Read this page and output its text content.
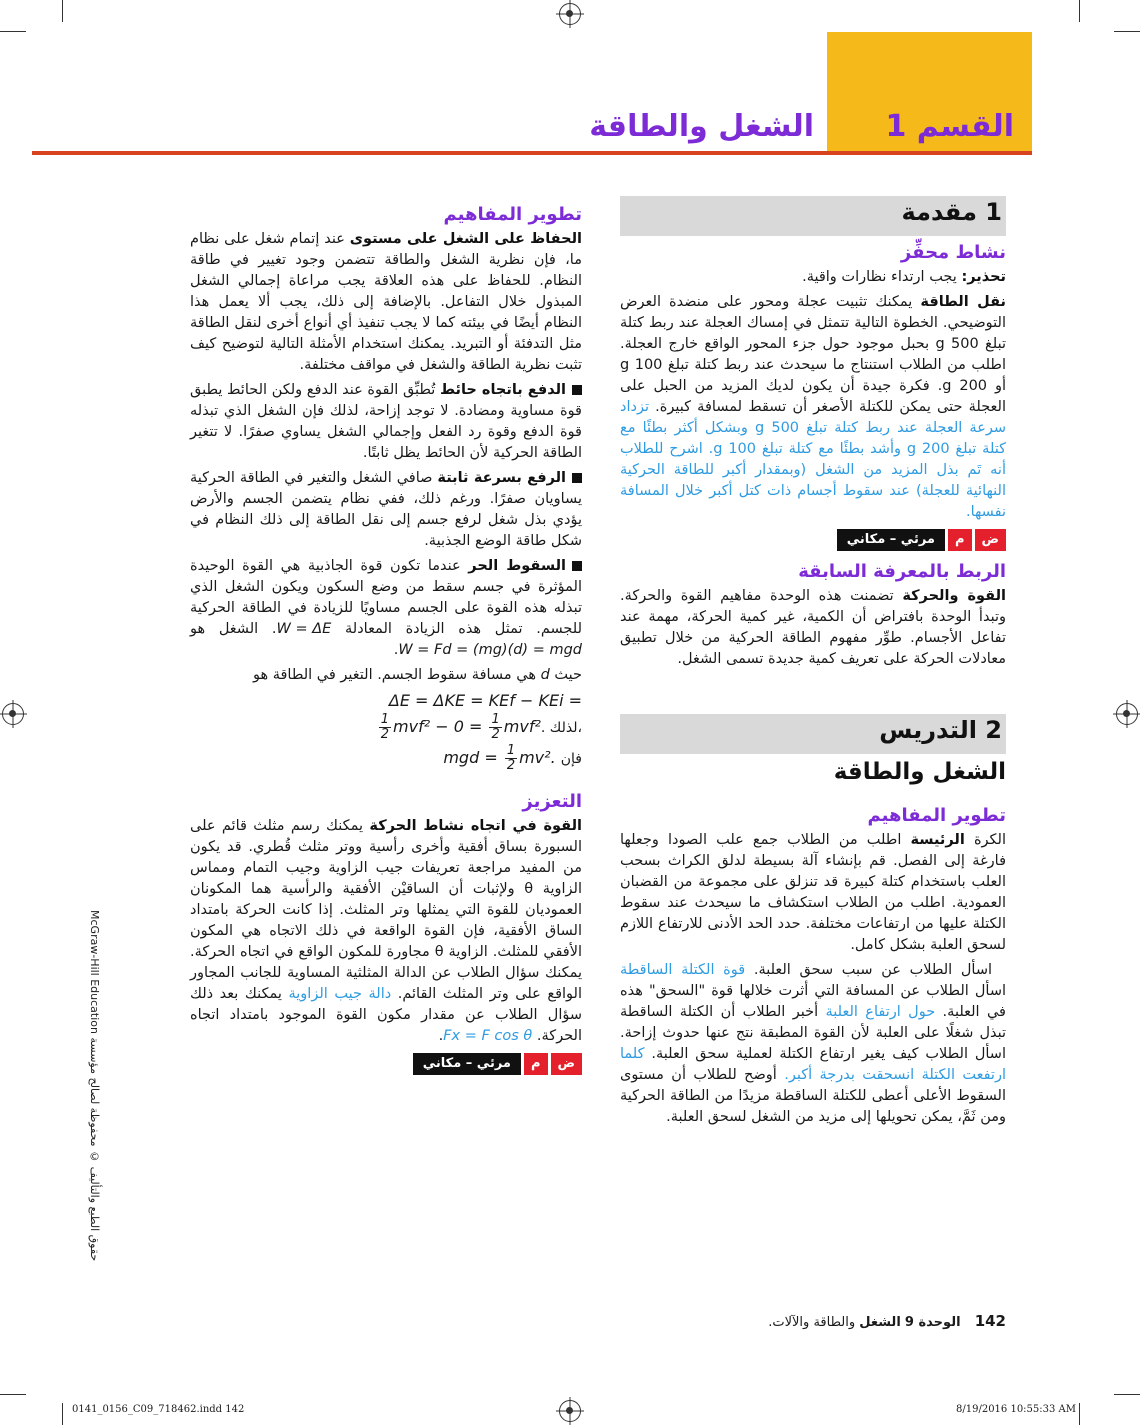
القسم 1
الشغل والطاقة
1 مقدمة
نشاط محفِّز

تحذير: يجب ارتداء نظارات واقية.

نقل الطاقة يمكنك تثبيت عجلة ومحور على منضدة العرض التوضيحي. الخطوة التالية تتمثل في إمساك العجلة عند ربط كتلة تبلغ 500 g بحبل موجود حول جزء المحور الواقع خارج العجلة. اطلب من الطلاب استنتاج ما سيحدث عند ربط كتلة تبلغ 100 g أو 200 g. فكرة جيدة أن يكون لديك المزيد من الحبل على العجلة حتى يمكن للكتلة الأصغر أن تسقط لمسافة كبيرة. تزداد سرعة العجلة عند ربط كتلة تبلغ 500 g وبشكل أكثر بطئًا مع كتلة تبلغ 200 g وأشد بطئًا مع كتلة تبلغ 100 g. اشرح للطلاب أنه تَم بذل المزيد من الشغل (وبمقدار أكبر للطاقة الحركية النهائية للعجلة) عند سقوط أجسام ذات كتل أكبر خلال المسافة نفسها.

ض
م
مرئي – مكاني
الربط بالمعرفة السابقة

القوة والحركة تضمنت هذه الوحدة مفاهيم القوة والحركة. وتبدأ الوحدة بافتراض أن الكمية، غير كمية الحركة، مهمة عند تفاعل الأجسام. طوِّر مفهوم الطاقة الحركية من خلال تطبيق معادلات الحركة على تعريف كمية جديدة تسمى الشغل.

2 التدريس
الشغل والطاقة
تطوير المفاهيم

الكرة الرئيسة اطلب من الطلاب جمع علب الصودا وجعلها فارغة إلى الفصل. قم بإنشاء آلة بسيطة لدلق الكراث بسحب العلب باستخدام كتلة كبيرة قد تنزلق على مجموعة من القضبان العمودية. اطلب من الطلاب استكشاف ما سيحدث عند سقوط الكتلة عليها من ارتفاعات مختلفة. حدد الحد الأدنى للارتفاع اللازم لسحق العلبة بشكل كامل.

اسأل الطلاب عن سبب سحق العلبة. قوة الكتلة الساقطة اسأل الطلاب عن المسافة التي أثرت خلالها قوة "السحق" هذه في العلبة. حول ارتفاع العلبة أخبر الطلاب أن الكتلة الساقطة تبذل شغلًا على العلبة لأن القوة المطبقة نتج عنها حدوث إزاحة. اسأل الطلاب كيف يغير ارتفاع الكتلة لعملية سحق العلبة. كلما ارتفعت الكتلة انسحقت بدرجة أكبر. أوضح للطلاب أن مستوى السقوط الأعلى أعطى للكتلة الساقطة مزيدًا من الطاقة الحركية ومن ثَمَّ، يمكن تحويلها إلى مزيد من الشغل لسحق العلبة.

تطوير المفاهيم

الحفاظ على الشغل على مستوى عند إتمام شغل على نظام ما، فإن نظرية الشغل والطاقة تتضمن وجود تغيير في طاقة النظام. للحفاظ على هذه العلاقة يجب مراعاة إجمالي الشغل المبذول خلال التفاعل. بالإضافة إلى ذلك، يجب ألا يعمل هذا النظام أيضًا في بيئته كما لا يجب تنفيذ أي أنواع أخرى لنقل الطاقة مثل التدفئة أو التبريد. يمكنك استخدام الأمثلة التالية لتوضيح كيف تثبت نظرية الطاقة والشغل في مواقف مختلفة.

الدفع باتجاه حائط تُطبِّق القوة عند الدفع ولكن الحائط يطبق قوة مساوية ومضادة. لا توجد إزاحة، لذلك فإن الشغل الذي تبذله قوة الدفع وقوة رد الفعل وإجمالي الشغل يساوي صفرًا. لا تتغير الطاقة الحركية لأن الحائط يظل ثابتًا.

الرفع بسرعة ثابتة صافي الشغل والتغير في الطاقة الحركية يساويان صفرًا. ورغم ذلك، ففي نظام يتضمن الجسم والأرض يؤدي بذل شغل لرفع جسم إلى نقل الطاقة إلى ذلك النظام في شكل طاقة الوضع الجذبية.

السقوط الحر عندما تكون قوة الجاذبية هي القوة الوحيدة المؤثرة في جسم سقط من وضع السكون ويكون الشغل الذي تبذله هذه القوة على الجسم مساويًا للزيادة في الطاقة الحركية للجسم. تمثل هذه الزيادة المعادلة W = ΔE. الشغل هو W = Fd = (mg)(d) = mgd.

حيث d هي مسافة سقوط الجسم. التغير في الطاقة هو

ΔE = ΔKE = KEf − KEi =
$\frac{1}{2} mvf^2 - 0 = \frac{1}{2} mvf^2$. لذلك،
mgd = $\frac{1}{2} mv^2$. فإن
التعزيز

القوة في اتجاه نشاط الحركة يمكنك رسم مثلث قائم على السبورة بساق أفقية وأخرى رأسية ووتر مثلث قُطري. قد يكون من المفيد مراجعة تعريفات جيب الزاوية وجيب التمام ومماس الزاوية θ ولإثبات أن الساقيْن الأفقية والرأسية هما المكونان العموديان للقوة التي يمثلها وتر المثلث. إذا كانت الحركة بامتداد الساق الأفقية، فإن القوة الواقعة في ذلك الاتجاه هي المكون الأفقي للمثلث. الزاوية θ مجاورة للمكون الواقع في اتجاه الحركة. يمكنك سؤال الطلاب عن الدالة المثلثية المساوية للجانب المجاور الواقع على وتر المثلث القائم. دالة جيب الزاوية يمكنك بعد ذلك سؤال الطلاب عن مقدار مكون القوة الموجود بامتداد اتجاه الحركة. Fx = F cos θ.

ض
م
مرئي – مكاني
حقوق الطبع والتأليف © محفوظة لصالح مؤسسة McGraw-Hill Education
142 الوحدة 9 الشغل والطاقة والآلات.
0141_0156_C09_718462.indd 142	8/19/2016 10:55:33 AM
